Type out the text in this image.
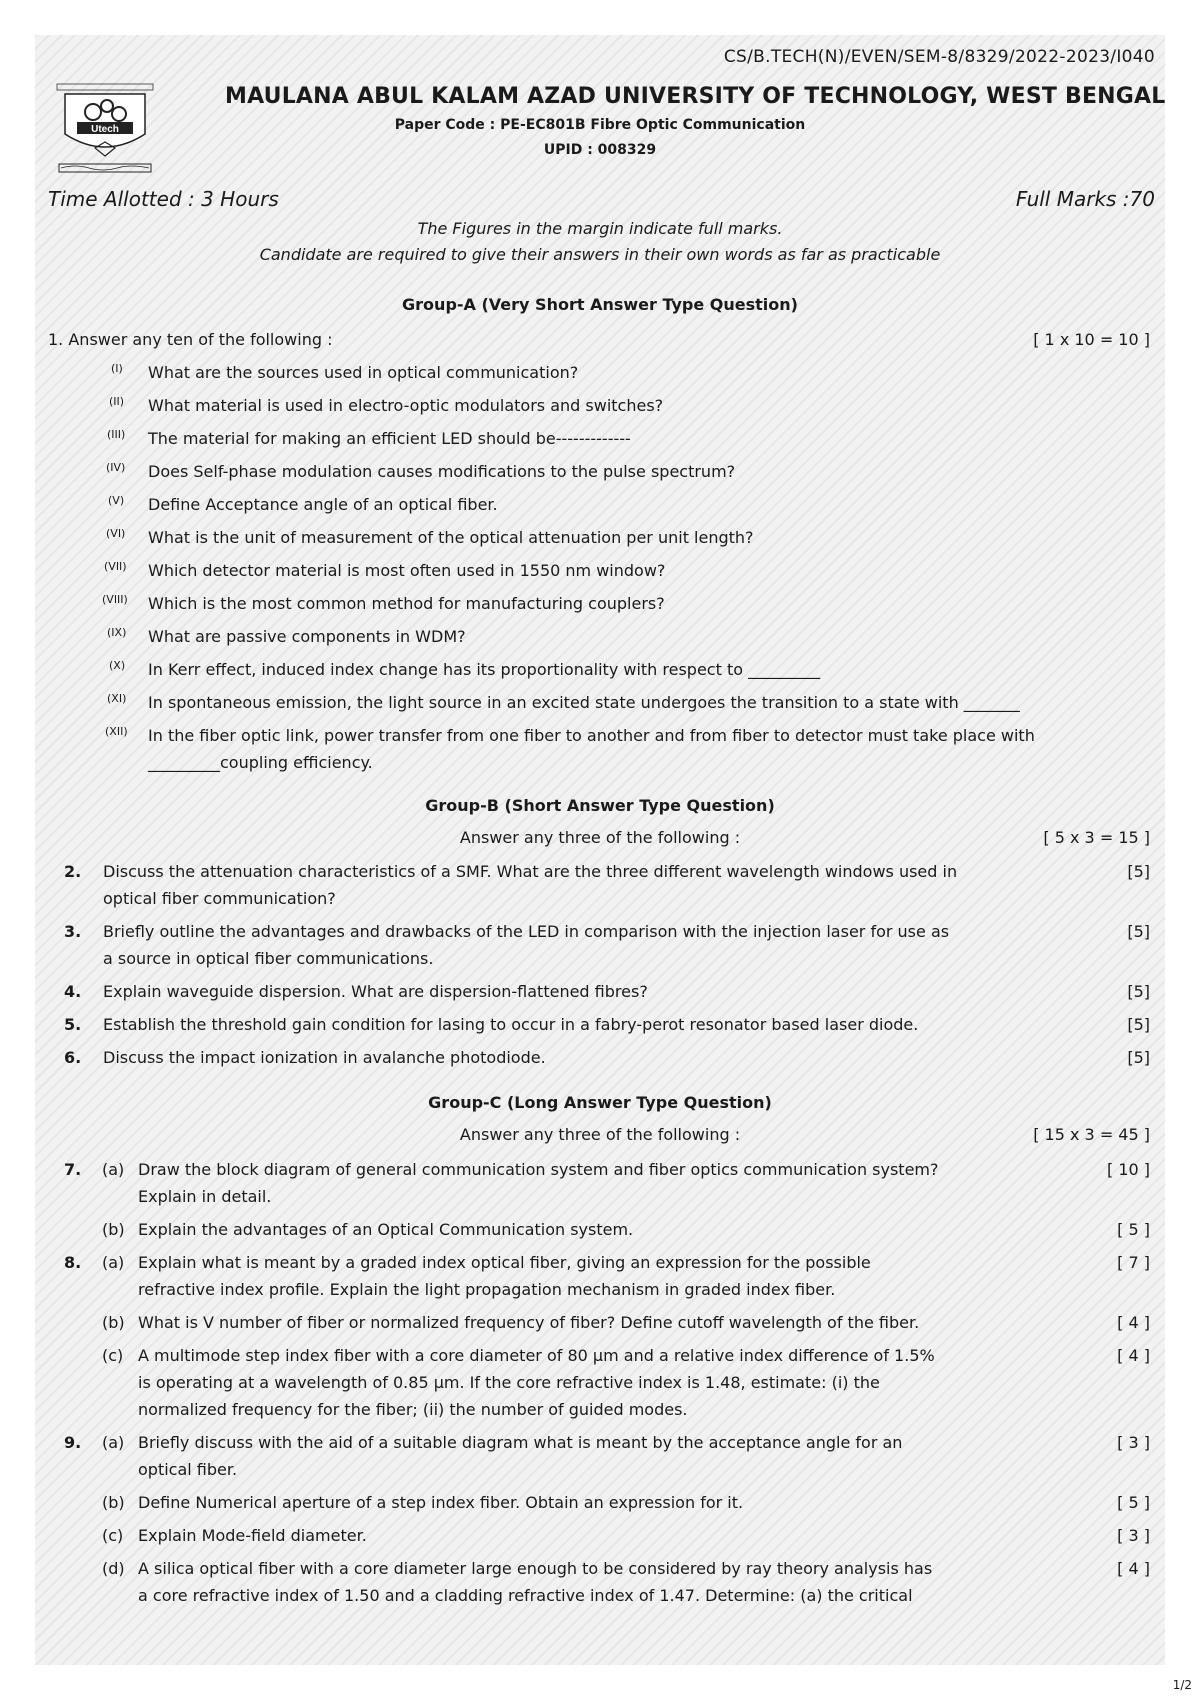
CS/B.TECH(N)/EVEN/SEM-8/8329/2022-2023/I040
Utech
MAULANA ABUL KALAM AZAD UNIVERSITY OF TECHNOLOGY, WEST BENGAL
Paper Code : PE-EC801B Fibre Optic Communication
UPID : 008329
Time Allotted : 3 Hours	Full Marks :70
The Figures in the margin indicate full marks.
Candidate are required to give their answers in their own words as far as practicable
Group-A (Very Short Answer Type Question)
1. Answer any ten of the following :	[ 1 x 10 = 10 ]
(I) What are the sources used in optical communication?
(II) What material is used in electro-optic modulators and switches?
(III) The material for making an efficient LED should be-------------
(IV) Does Self-phase modulation causes modifications to the pulse spectrum?
(V) Define Acceptance angle of an optical fiber.
(VI) What is the unit of measurement of the optical attenuation per unit length?
(VII) Which detector material is most often used in 1550 nm window?
(VIII) Which is the most common method for manufacturing couplers?
(IX) What are passive components in WDM?
(X) In Kerr effect, induced index change has its proportionality with respect to _________
(XI) In spontaneous emission, the light source in an excited state undergoes the transition to a state with _______
(XII) In the fiber optic link, power transfer from one fiber to another and from fiber to detector must take place with
_________coupling efficiency.
Group-B (Short Answer Type Question)
Answer any three of the following :	[ 5 x 3 = 15 ]
2. Discuss the attenuation characteristics of a SMF. What are the three different wavelength windows used in
optical fiber communication?
[5]
3. Briefly outline the advantages and drawbacks of the LED in comparison with the injection laser for use as
a source in optical fiber communications.
[5]
4. Explain waveguide dispersion. What are dispersion-flattened fibres?	[5]
5. Establish the threshold gain condition for lasing to occur in a fabry-perot resonator based laser diode.	[5]
6. Discuss the impact ionization in avalanche photodiode.	[5]
Group-C (Long Answer Type Question)
Answer any three of the following :	[ 15 x 3 = 45 ]
7. (a) Draw the block diagram of general communication system and fiber optics communication system?
Explain in detail.
[ 10 ]
(b) Explain the advantages of an Optical Communication system.	[ 5 ]
8. (a) Explain what is meant by a graded index optical fiber, giving an expression for the possible
refractive index profile. Explain the light propagation mechanism in graded index fiber.
[ 7 ]
(b) What is V number of fiber or normalized frequency of fiber? Define cutoff wavelength of the fiber.	[ 4 ]
(c) A multimode step index fiber with a core diameter of 80 µm and a relative index difference of 1.5%
is operating at a wavelength of 0.85 µm. If the core refractive index is 1.48, estimate: (i) the
normalized frequency for the fiber; (ii) the number of guided modes.
[ 4 ]
9. (a) Briefly discuss with the aid of a suitable diagram what is meant by the acceptance angle for an
optical fiber.
[ 3 ]
(b) Define Numerical aperture of a step index fiber. Obtain an expression for it.	[ 5 ]
(c) Explain Mode-field diameter.	[ 3 ]
(d) A silica optical fiber with a core diameter large enough to be considered by ray theory analysis has
a core refractive index of 1.50 and a cladding refractive index of 1.47. Determine: (a) the critical
[ 4 ]
1/2
